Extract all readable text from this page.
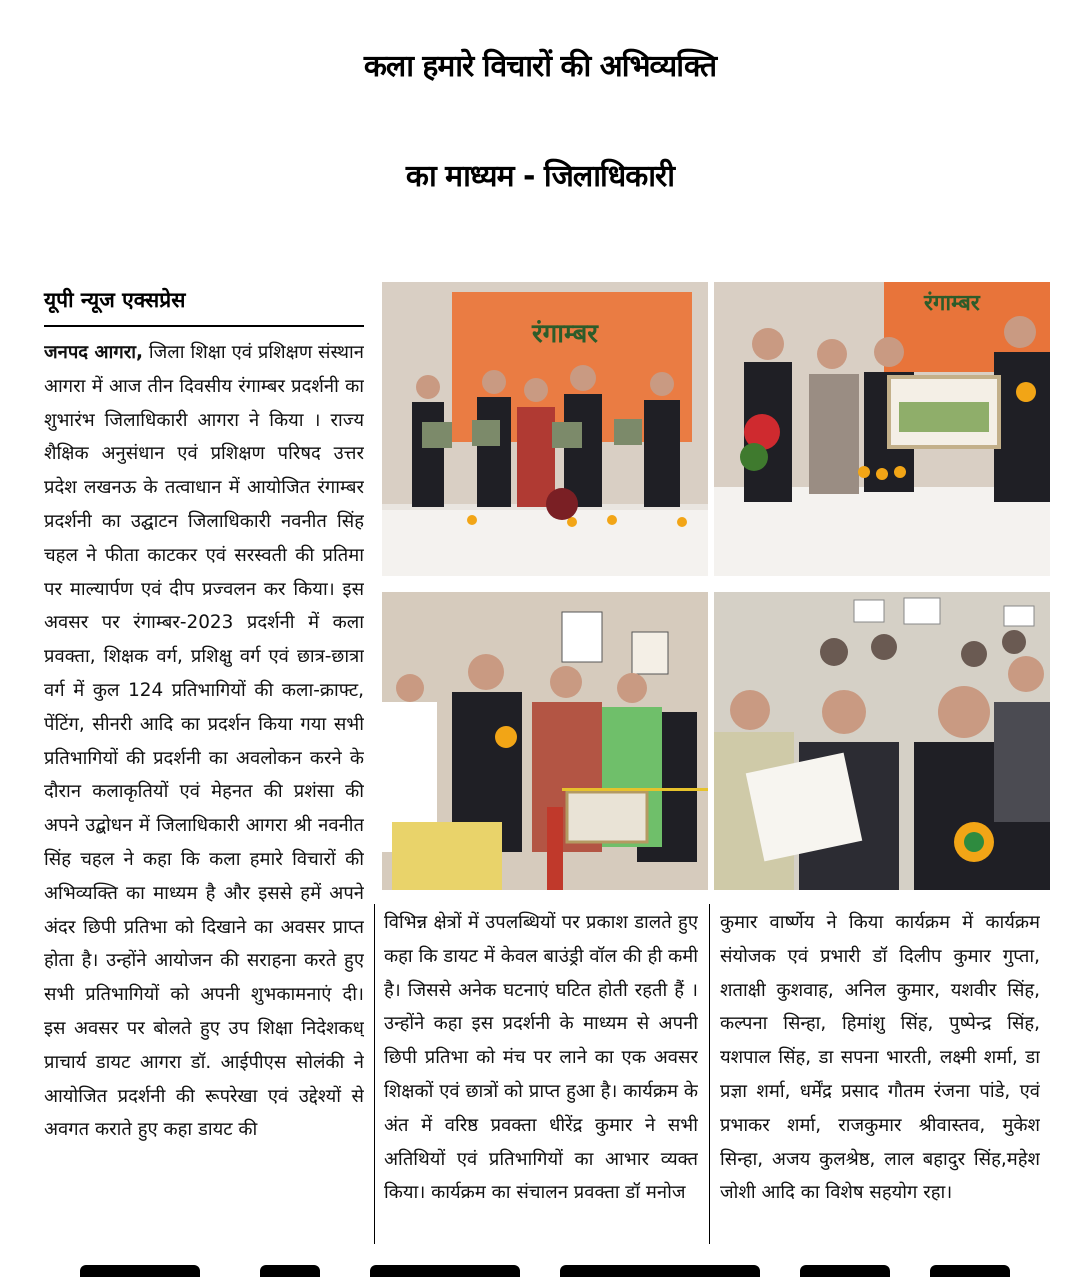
कला हमारे विचारों की अभिव्यक्ति
का माध्यम - जिलाधिकारी
यूपी न्यूज एक्सप्रेस
जनपद आगरा, जिला शिक्षा एवं प्रशिक्षण संस्थान आगरा में आज तीन दिवसीय रंगाम्बर प्रदर्शनी का शुभारंभ जिलाधिकारी आगरा ने किया । राज्य शैक्षिक अनुसंधान एवं प्रशिक्षण परिषद उत्तर प्रदेश लखनऊ के तत्वाधान में आयोजित रंगाम्बर प्रदर्शनी का उद्घाटन जिलाधिकारी नवनीत सिंह चहल ने फीता काटकर एवं सरस्वती की प्रतिमा पर माल्यार्पण एवं दीप प्रज्वलन कर किया। इस अवसर पर रंगाम्बर-2023 प्रदर्शनी में कला प्रवक्ता, शिक्षक वर्ग, प्रशिक्षु वर्ग एवं छात्र-छात्रा वर्ग में कुल 124 प्रतिभागियों की कला-क्राफ्ट, पेंटिंग, सीनरी आदि का प्रदर्शन किया गया सभी प्रतिभागियों की प्रदर्शनी का अवलोकन करने के दौरान कलाकृतियों एवं मेहनत की प्रशंसा की अपने उद्बोधन में जिलाधिकारी आगरा श्री नवनीत सिंह चहल ने कहा कि कला हमारे विचारों की अभिव्यक्ति का माध्यम है और इससे हमें अपने अंदर छिपी प्रतिभा को दिखाने का अवसर प्राप्त होता है। उन्होंने आयोजन की सराहना करते हुए सभी प्रतिभागियों को अपनी शुभकामनाएं दी। इस अवसर पर बोलते हुए उप शिक्षा निदेशकध् प्राचार्य डायट आगरा डॉ. आईपीएस सोलंकी ने आयोजित प्रदर्शनी की रूपरेखा एवं उद्देश्यों से अवगत कराते हुए कहा डायट की
विभिन्न क्षेत्रों में उपलब्धियों पर प्रकाश डालते हुए कहा कि डायट में केवल बाउंड्री वॉल की ही कमी है। जिससे अनेक घटनाएं घटित होती रहती हैं । उन्होंने कहा इस प्रदर्शनी के माध्यम से अपनी छिपी प्रतिभा को मंच पर लाने का एक अवसर शिक्षकों एवं छात्रों को प्राप्त हुआ है। कार्यक्रम के अंत में वरिष्ठ प्रवक्ता धीरेंद्र कुमार ने सभी अतिथियों एवं प्रतिभागियों का आभार व्यक्त किया। कार्यक्रम का संचालन प्रवक्ता डॉ मनोज
कुमार वार्ष्णेय ने किया कार्यक्रम में कार्यक्रम संयोजक एवं प्रभारी डॉ दिलीप कुमार गुप्ता, शताक्षी कुशवाह, अनिल कुमार, यशवीर सिंह, कल्पना सिन्हा, हिमांशु सिंह, पुष्पेन्द्र सिंह, यशपाल सिंह, डा सपना भारती, लक्ष्मी शर्मा, डा प्रज्ञा शर्मा, धर्मेंद्र प्रसाद गौतम रंजना पांडे, एवं प्रभाकर शर्मा, राजकुमार श्रीवास्तव, मुकेश सिन्हा, अजय कुलश्रेष्ठ, लाल बहादुर सिंह,महेश जोशी आदि का विशेष सहयोग रहा।
रंगाम्बर
रंगाम्बर
